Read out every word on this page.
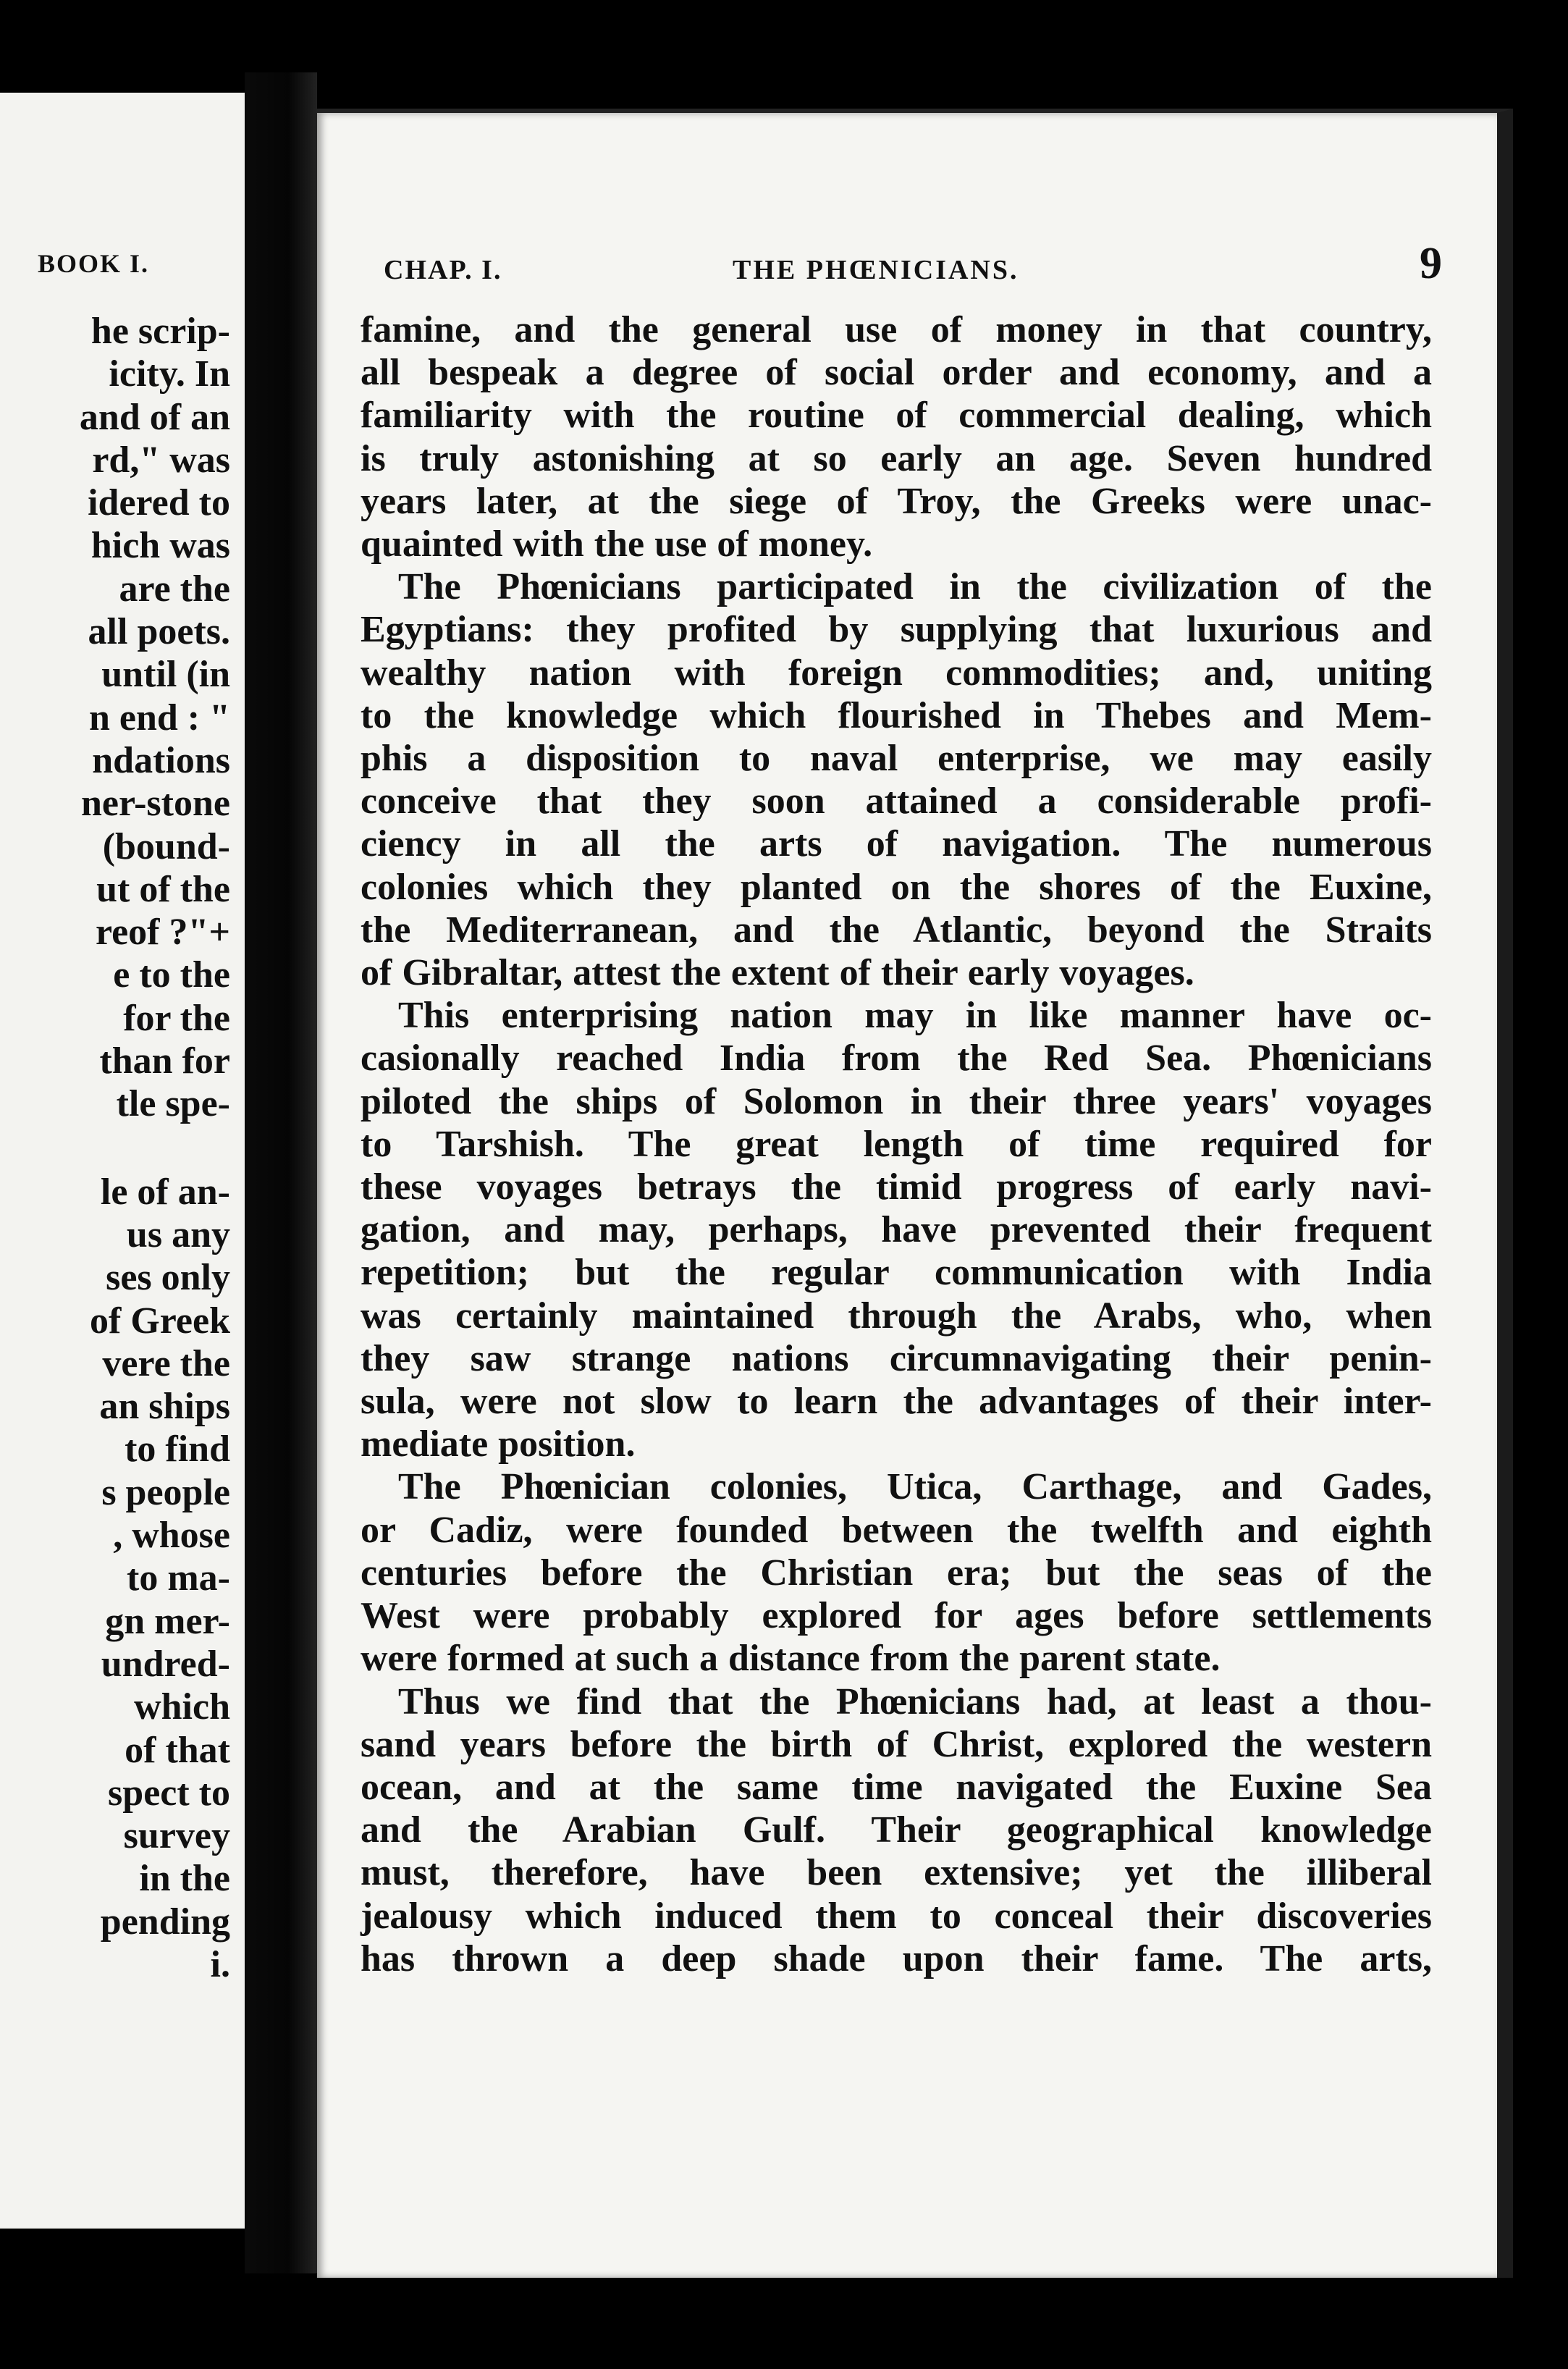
BOOK I.
he scrip-
icity. In
and of an
rd," was
idered to
hich was
are the
all poets.
until (in
n end : "
ndations
ner-stone
(bound-
ut of the
reof ?"+
e to the
for the
than for
tle spe-
le of an-
us any
ses only
of Greek
vere the
an ships
to find
s people
, whose
to ma-
gn mer-
undred-
which
of that
spect to
survey
in the
pending
i.
CHAP. I.	THE PHŒNICIANS.	9
famine, and the general use of money in that country,
all bespeak a degree of social order and economy, and a
familiarity with the routine of commercial dealing, which
is truly astonishing at so early an age. Seven hundred
years later, at the siege of Troy, the Greeks were unac-
quainted with the use of money.
The Phœnicians participated in the civilization of the
Egyptians: they profited by supplying that luxurious and
wealthy nation with foreign commodities; and, uniting
to the knowledge which flourished in Thebes and Mem-
phis a disposition to naval enterprise, we may easily
conceive that they soon attained a considerable profi-
ciency in all the arts of navigation. The numerous
colonies which they planted on the shores of the Euxine,
the Mediterranean, and the Atlantic, beyond the Straits
of Gibraltar, attest the extent of their early voyages.
This enterprising nation may in like manner have oc-
casionally reached India from the Red Sea. Phœnicians
piloted the ships of Solomon in their three years' voyages
to Tarshish. The great length of time required for
these voyages betrays the timid progress of early navi-
gation, and may, perhaps, have prevented their frequent
repetition; but the regular communication with India
was certainly maintained through the Arabs, who, when
they saw strange nations circumnavigating their penin-
sula, were not slow to learn the advantages of their inter-
mediate position.
The Phœnician colonies, Utica, Carthage, and Gades,
or Cadiz, were founded between the twelfth and eighth
centuries before the Christian era; but the seas of the
West were probably explored for ages before settlements
were formed at such a distance from the parent state.
Thus we find that the Phœnicians had, at least a thou-
sand years before the birth of Christ, explored the western
ocean, and at the same time navigated the Euxine Sea
and the Arabian Gulf. Their geographical knowledge
must, therefore, have been extensive; yet the illiberal
jealousy which induced them to conceal their discoveries
has thrown a deep shade upon their fame. The arts,
